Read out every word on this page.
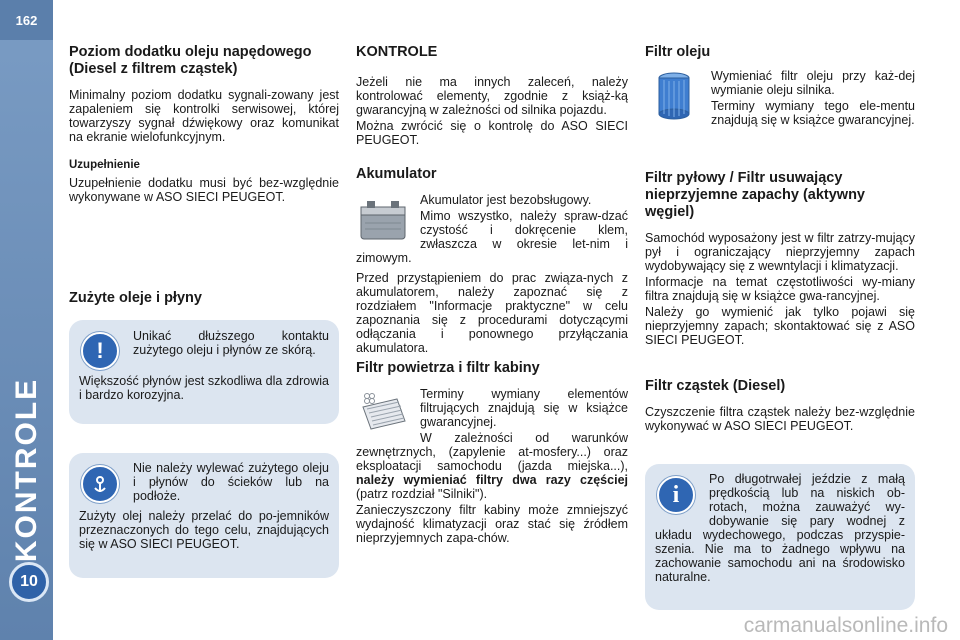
162
KONTROLE
10
Poziom dodatku oleju napędowego (Diesel z filtrem cząstek)

Minimalny poziom dodatku sygnali-zowany jest zapaleniem się kontrolki serwisowej, której towarzyszy sygnał dźwiękowy oraz komunikat na ekranie wielofunkcyjnym.

Uzupełnienie

Uzupełnienie dodatku musi być bez-względnie wykonywane w ASO SIECI PEUGEOT.

Zużyte oleje i płyny
!

Unikać dłuższego kontaktu zużytego oleju i płynów ze skórą.

Większość płynów jest szkodliwa dla zdrowia i bardzo korozyjna.

Nie należy wylewać zużytego oleju i płynów do ścieków lub na podłoże.

Zużyty olej należy przelać do po-jemników przeznaczonych do tego celu, znajdujących się w ASO SIECI PEUGEOT.

KONTROLE

Jeżeli nie ma innych zaleceń, należy kontrolować elementy, zgodnie z książ-ką gwarancyjną w zależności od silnika pojazdu.

Można zwrócić się o kontrolę do ASO SIECI PEUGEOT.

Akumulator

Akumulator jest bezobsługowy.

Mimo wszystko, należy spraw-dzać czystość i dokręcenie klem, zwłaszcza w okresie let-nim i zimowym.

Przed przystąpieniem do prac związa-nych z akumulatorem, należy zapoznać się z rozdziałem "Informacje praktyczne" w celu zapoznania się z procedurami dotyczącymi odłączania i ponownego przyłączania akumulatora.

Filtr powietrza i filtr kabiny

Terminy wymiany elementów filtrujących znajdują się w książce gwarancyjnej.

W zależności od warunków zewnętrznych, (zapylenie at-mosfery...) oraz eksploatacji samochodu (jazda miejska...), należy wymieniać filtry dwa razy częściej (patrz rozdział "Silniki").

Zanieczyszczony filtr kabiny może zmniejszyć wydajność klimatyzacji oraz stać się źródłem nieprzyjemnych zapa-chów.

Filtr oleju

Wymieniać filtr oleju przy każ-dej wymianie oleju silnika.

Terminy wymiany tego ele-mentu znajdują się w książce gwarancyjnej.

Filtr pyłowy / Filtr usuwający nieprzyjemne zapachy (aktywny węgiel)

Samochód wyposażony jest w filtr zatrzy-mujący pył i ograniczający nieprzyjemny zapach wydobywający się z wewntylacji i klimatyzacji.

Informacje na temat częstotliwości wy-miany filtra znajdują się w książce gwa-rancyjnej.

Należy go wymienić jak tylko pojawi się nieprzyjemny zapach; skontaktować się z ASO SIECI PEUGEOT.

Filtr cząstek (Diesel)

Czyszczenie filtra cząstek należy bez-względnie wykonywać w ASO SIECI PEUGEOT.

i

Po długotrwałej jeździe z małą prędkością lub na niskich ob-rotach, można zauważyć wy-dobywanie się pary wodnej z układu wydechowego, podczas przyspie-szenia. Nie ma to żadnego wpływu na zachowanie samochodu ani na środowisko naturalne.

carmanualsonline.info
